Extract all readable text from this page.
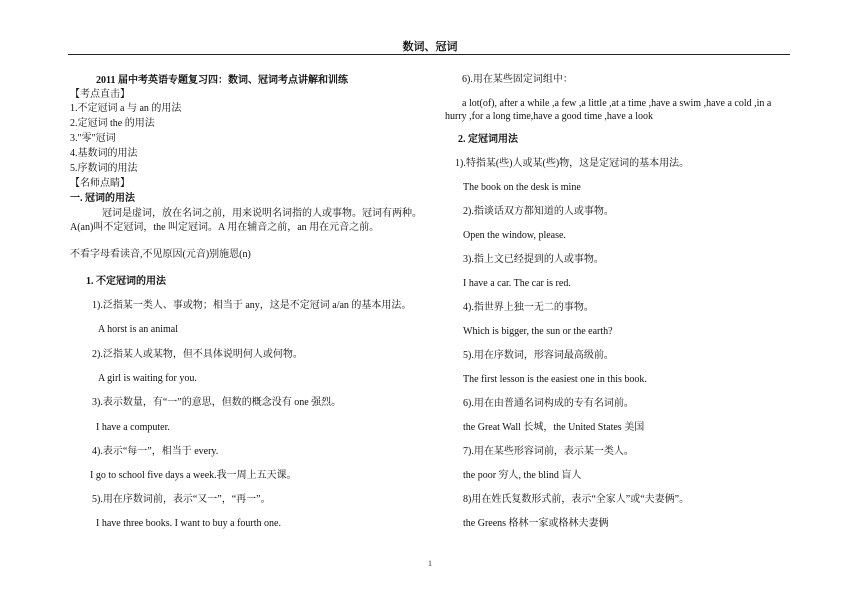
数词、冠词
2011 届中考英语专题复习四：数词、冠词考点讲解和训练
【考点直击】
1.不定冠词 a 与 an 的用法
2.定冠词 the 的用法
3."零"冠词
4.基数词的用法
5.序数词的用法
【名师点睛】
一. 冠词的用法
冠词是虚词，放在名词之前，用来说明名词指的人或事物。冠词有两种。
A(an)叫不定冠词，the 叫定冠词。A 用在辅音之前，an 用在元音之前。
不看字母看读音,不见原因(元音)别施恩(n)
1. 不定冠词的用法
1).泛指某一类人、事或物；相当于 any，这是不定冠词 a/an 的基本用法。
A horst is an animal
2).泛指某人或某物，但不具体说明何人或何物。
A girl is waiting for you.
3).表示数量，有“一”的意思，但数的概念没有 one 强烈。
I have a computer.
4).表示“每一”，相当于 every.
I go to school five days a week.我一周上五天课。
5).用在序数词前，表示“又一”，“再一”。
I have three books. I want to buy a fourth one.
6).用在某些固定词组中：
a lot(of), after a while ,a few ,a little ,at a time ,have a swim ,have a cold ,in a hurry ,for a long time,have a good time ,have a look
2. 定冠词用法
1).特指某(些)人或某(些)物，这是定冠词的基本用法。
The book on the desk is mine
2).指谈话双方都知道的人或事物。
Open the window, please.
3).指上文已经提到的人或事物。
I have a car. The car is red.
4).指世界上独一无二的事物。
Which is bigger, the sun or the earth?
5).用在序数词，形容词最高级前。
The first lesson is the easiest one in this book.
6).用在由普通名词构成的专有名词前。
the Great Wall 长城，the United States 美国
7).用在某些形容词前，表示某一类人。
the poor 穷人, the blind 盲人
8)用在姓氏复数形式前，表示“全家人”或“夫妻俩”。
the Greens 格林一家或格林夫妻俩
1
